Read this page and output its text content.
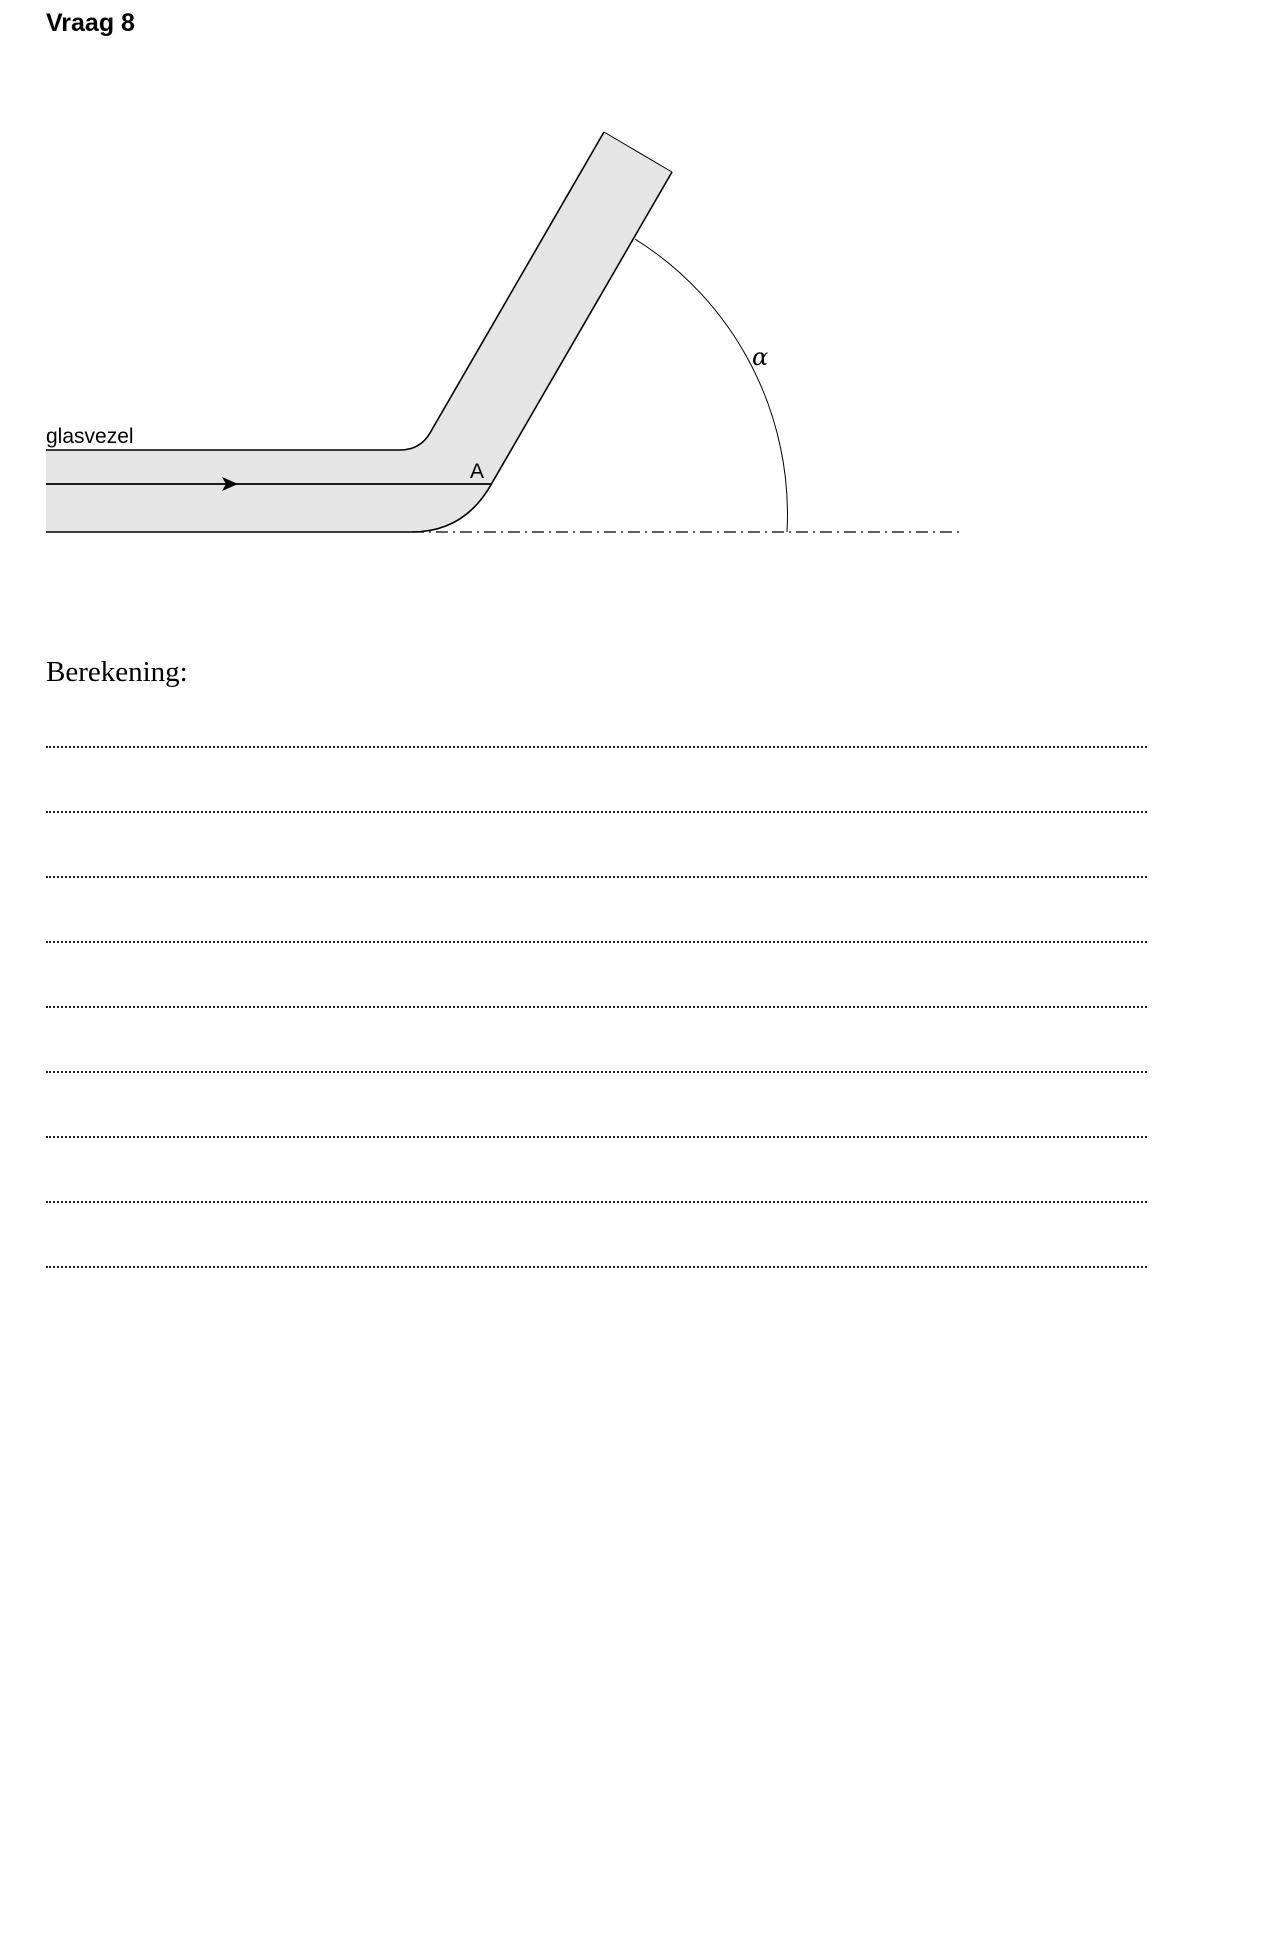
Vraag 8
glasvezel
A
α
Berekening:
